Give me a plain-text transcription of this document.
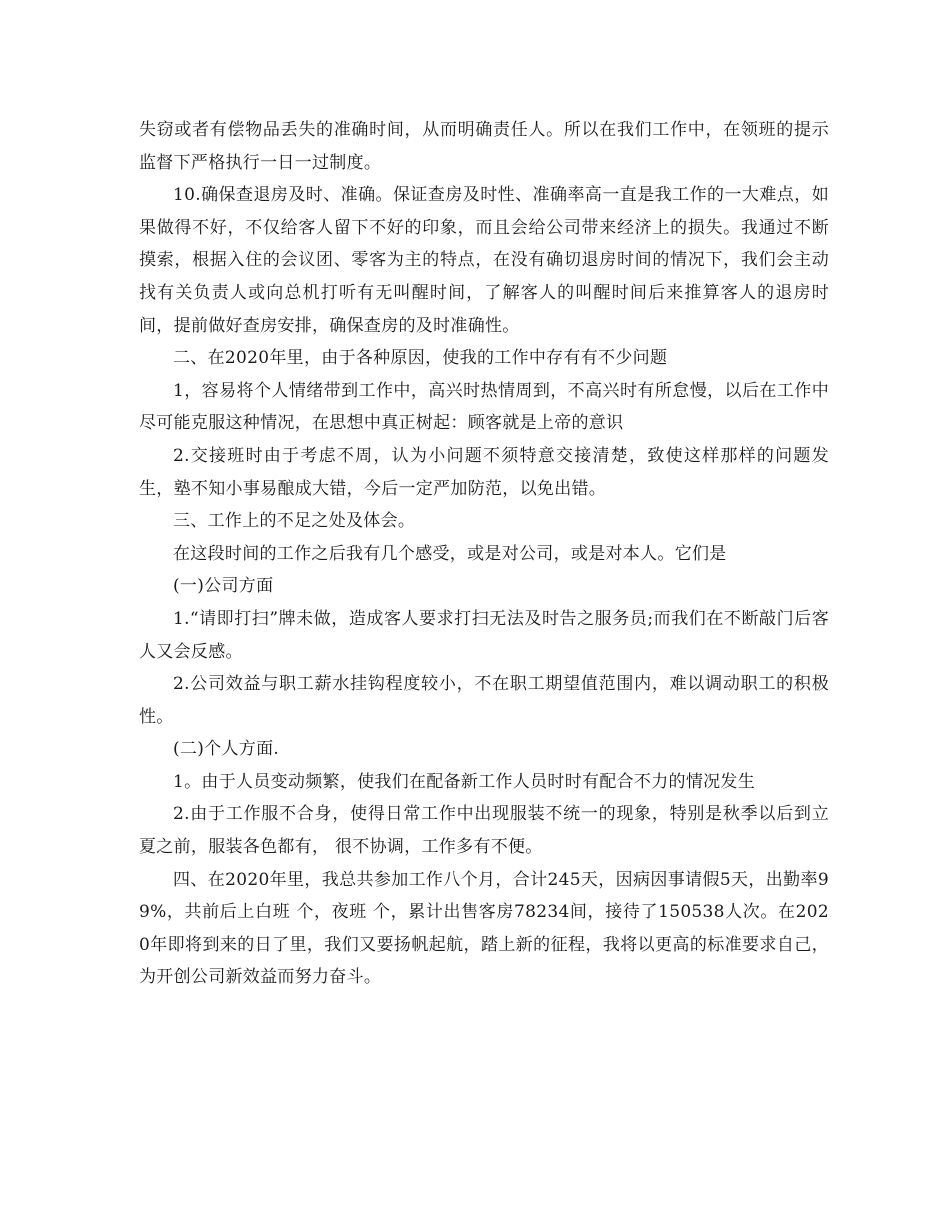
失窃或者有偿物品丢失的准确时间，从而明确责任人。所以在我们工作中，在领班的提示监督下严格执行一日一过制度。

10.确保查退房及时、准确。保证查房及时性、准确率高一直是我工作的一大难点，如果做得不好，不仅给客人留下不好的印象，而且会给公司带来经济上的损失。我通过不断摸索，根据入住的会议团、零客为主的特点，在没有确切退房时间的情况下，我们会主动找有关负责人或向总机打听有无叫醒时间，了解客人的叫醒时间后来推算客人的退房时间，提前做好查房安排，确保查房的及时准确性。

二、在2020年里，由于各种原因，使我的工作中存有有不少问题

1，容易将个人情绪带到工作中，高兴时热情周到，不高兴时有所怠慢，以后在工作中尽可能克服这种情况，在思想中真正树起：顾客就是上帝的意识

2.交接班时由于考虑不周，认为小问题不须特意交接清楚，致使这样那样的问题发生，塾不知小事易酿成大错，今后一定严加防范，以免出错。

三、工作上的不足之处及体会。

在这段时间的工作之后我有几个感受，或是对公司，或是对本人。它们是

(一)公司方面

1.“请即打扫”牌未做，造成客人要求打扫无法及时告之服务员;而我们在不断敲门后客人又会反感。

2.公司效益与职工薪水挂钩程度较小，不在职工期望值范围内，难以调动职工的积极性。

(二)个人方面.

1。由于人员变动频繁，使我们在配备新工作人员时时有配合不力的情况发生

2.由于工作服不合身，使得日常工作中出现服装不统一的现象，特别是秋季以后到立夏之前，服装各色都有， 很不协调，工作多有不便。

四、在2020年里，我总共参加工作八个月，合计245天，因病因事请假5天，出勤率99%，共前后上白班 个，夜班 个，累计出售客房78234间，接待了150538人次。在2020年即将到来的日了里，我们又要扬帆起航，踏上新的征程，我将以更高的标准要求自己，为开创公司新效益而努力奋斗。
